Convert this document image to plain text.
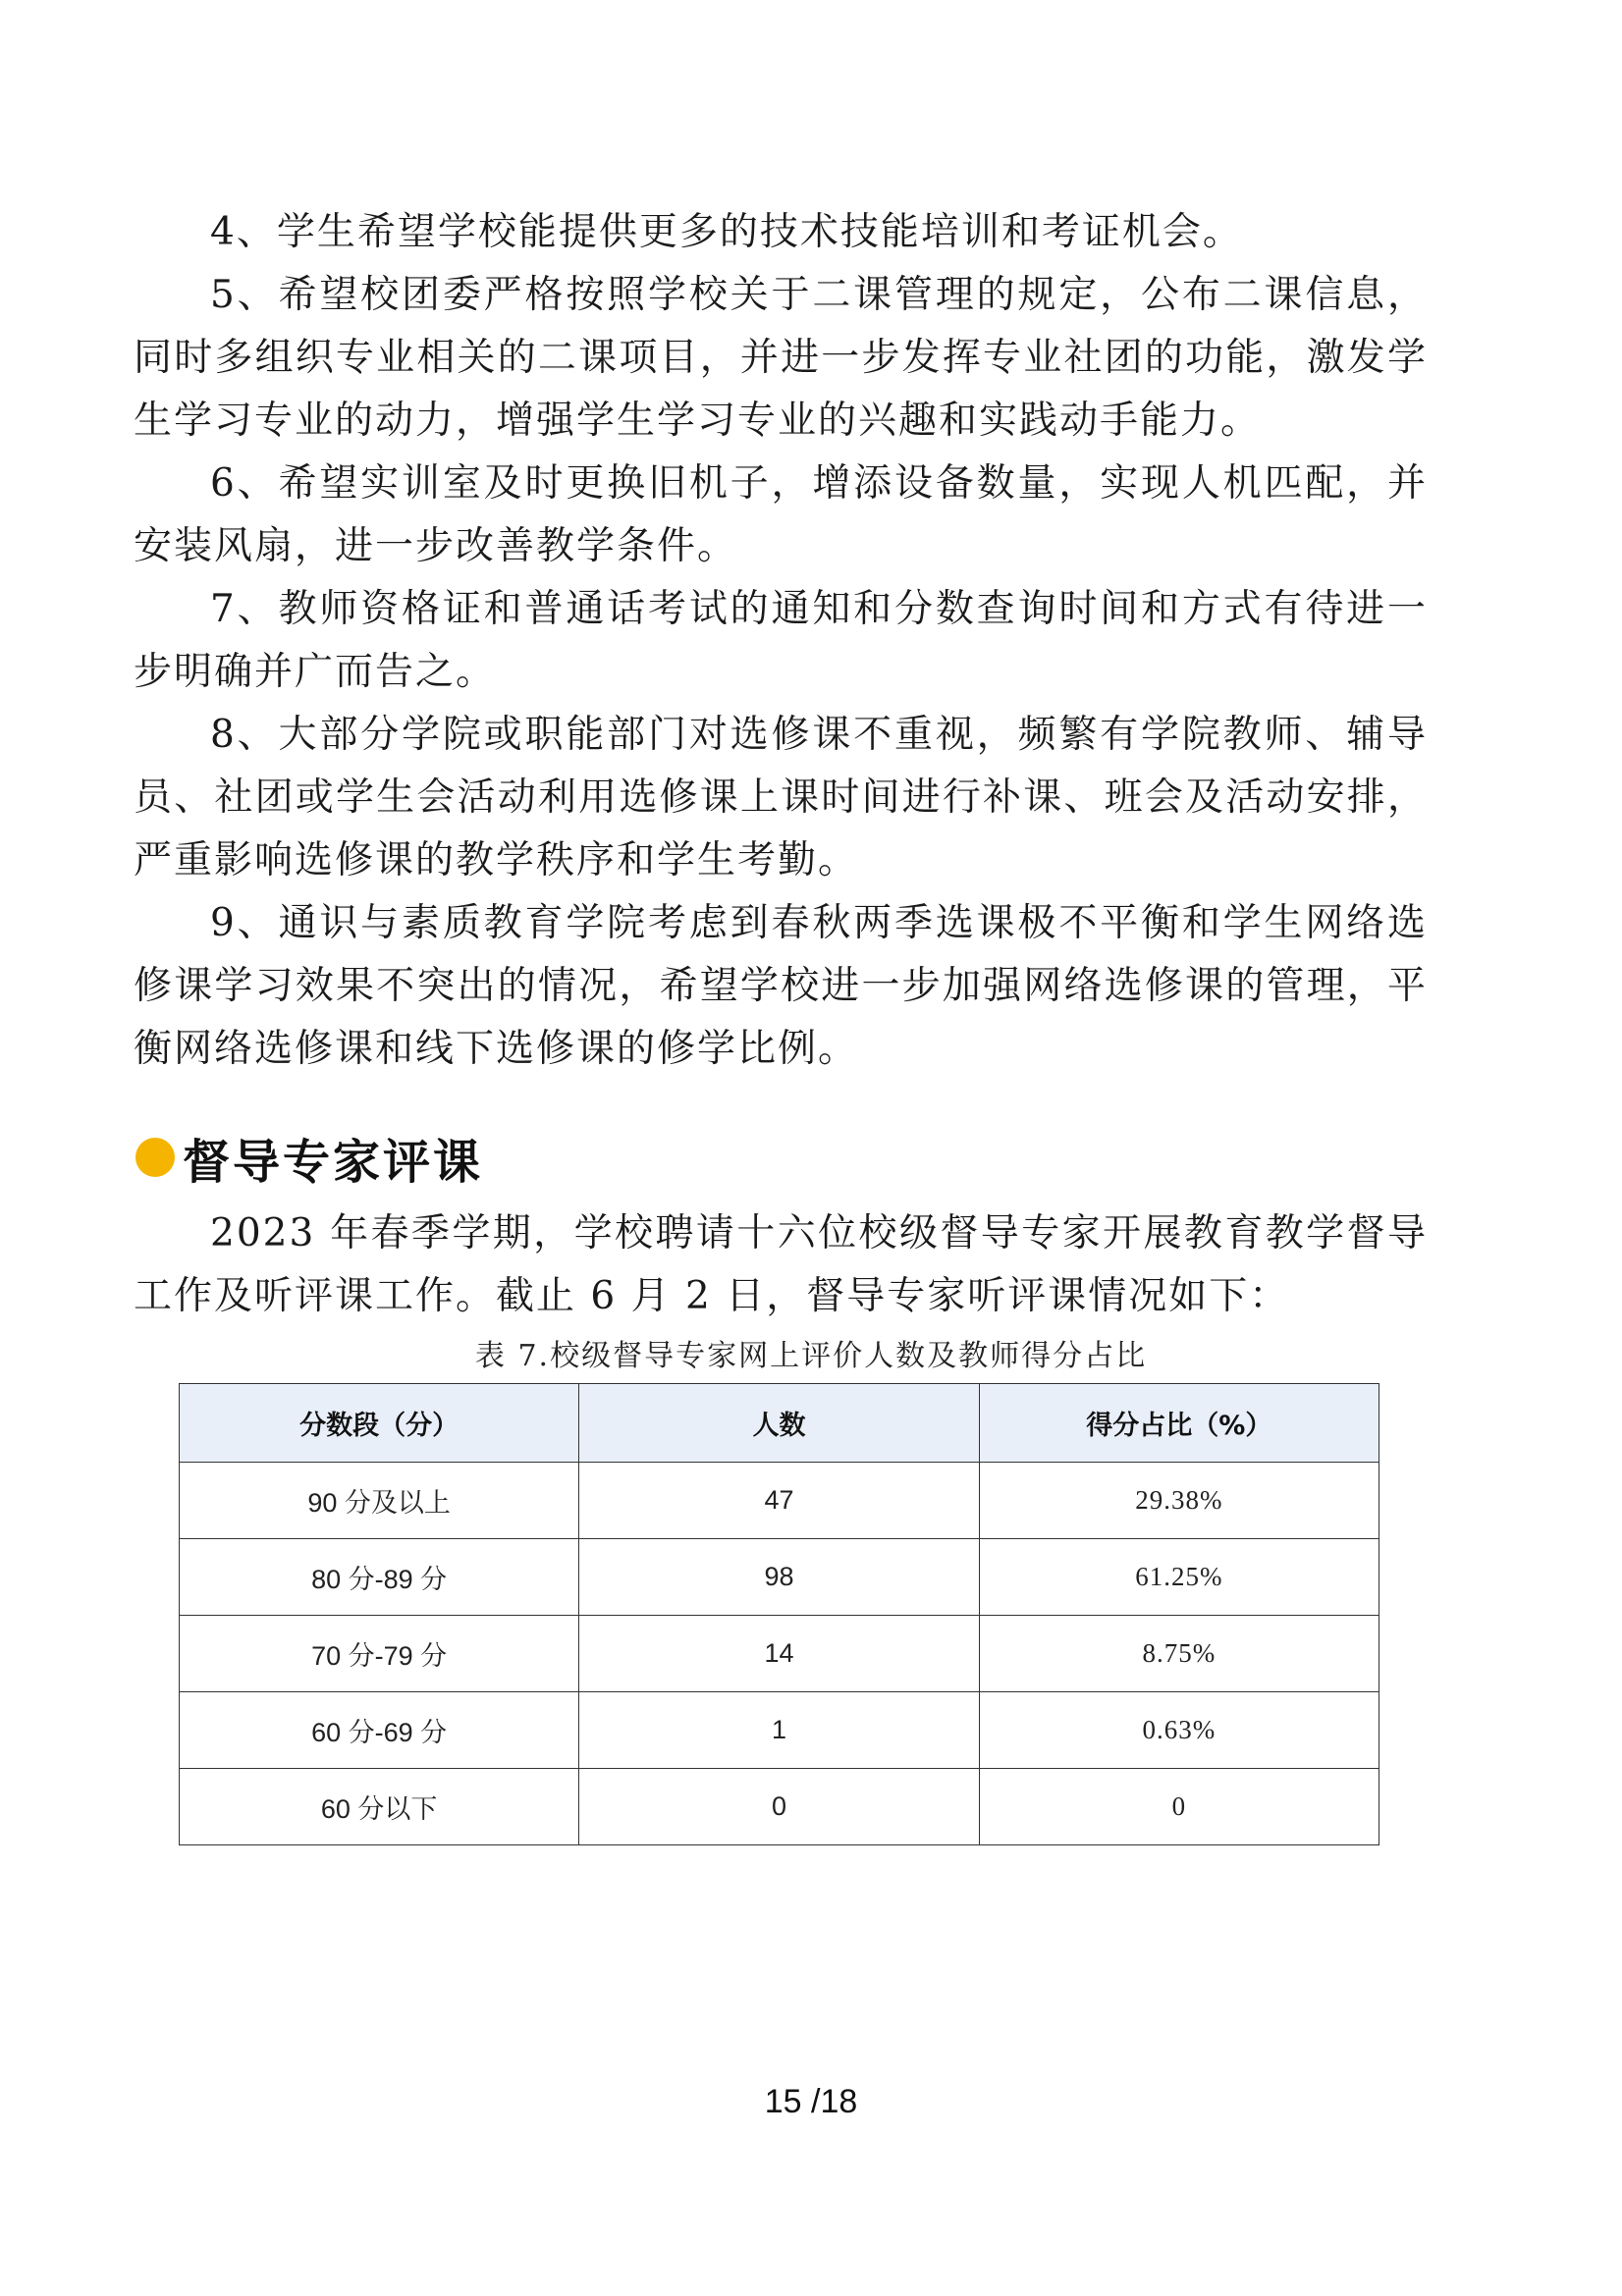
4、学生希望学校能提供更多的技术技能培训和考证机会。

5、希望校团委严格按照学校关于二课管理的规定，公布二课信息，同时多组织专业相关的二课项目，并进一步发挥专业社团的功能，激发学生学习专业的动力，增强学生学习专业的兴趣和实践动手能力。

6、希望实训室及时更换旧机子，增添设备数量，实现人机匹配，并安装风扇，进一步改善教学条件。

7、教师资格证和普通话考试的通知和分数查询时间和方式有待进一步明确并广而告之。

8、大部分学院或职能部门对选修课不重视，频繁有学院教师、辅导员、社团或学生会活动利用选修课上课时间进行补课、班会及活动安排，严重影响选修课的教学秩序和学生考勤。

9、通识与素质教育学院考虑到春秋两季选课极不平衡和学生网络选修课学习效果不突出的情况，希望学校进一步加强网络选修课的管理，平衡网络选修课和线下选修课的修学比例。

督导专家评课

2023 年春季学期，学校聘请十六位校级督导专家开展教育教学督导工作及听评课工作。截止 6 月 2 日，督导专家听评课情况如下：

表 7.校级督导专家网上评价人数及教师得分占比
分数段（分）	人数	得分占比（%）
90 分及以上	47	29.38%
80 分-89 分	98	61.25%
70 分-79 分	14	8.75%
60 分-69 分	1	0.63%
60 分以下	0	0
15 /18
